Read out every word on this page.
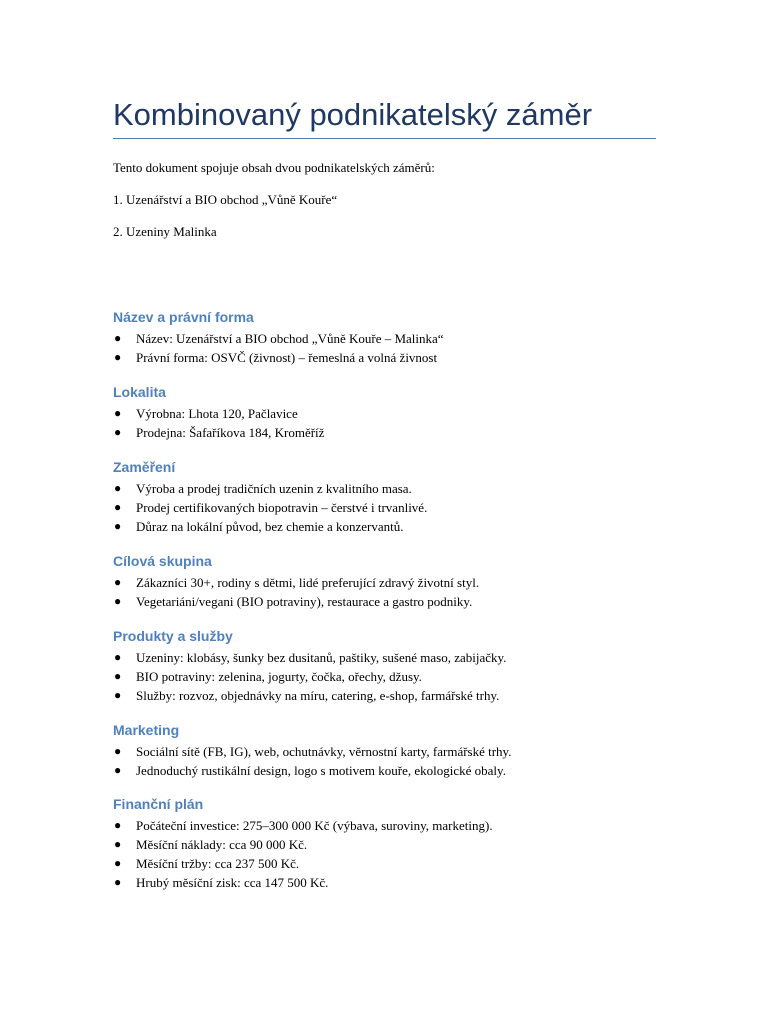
Kombinovaný podnikatelský záměr
Tento dokument spojuje obsah dvou podnikatelských záměrů:
1. Uzenářství a BIO obchod „Vůně Kouře“
2. Uzeniny Malinka
Název a právní forma
● Název: Uzenářství a BIO obchod „Vůně Kouře – Malinka“
● Právní forma: OSVČ (živnost) – řemeslná a volná živnost
Lokalita
● Výrobna: Lhota 120, Pačlavice
● Prodejna: Šafaříkova 184, Kroměříž
Zaměření
● Výroba a prodej tradičních uzenin z kvalitního masa.
● Prodej certifikovaných biopotravin – čerstvé i trvanlivé.
● Důraz na lokální původ, bez chemie a konzervantů.
Cílová skupina
● Zákazníci 30+, rodiny s dětmi, lidé preferující zdravý životní styl.
● Vegetariáni/vegani (BIO potraviny), restaurace a gastro podniky.
Produkty a služby
● Uzeniny: klobásy, šunky bez dusitanů, paštiky, sušené maso, zabijačky.
● BIO potraviny: zelenina, jogurty, čočka, ořechy, džusy.
● Služby: rozvoz, objednávky na míru, catering, e-shop, farmářské trhy.
Marketing
● Sociální sítě (FB, IG), web, ochutnávky, věrnostní karty, farmářské trhy.
● Jednoduchý rustikální design, logo s motivem kouře, ekologické obaly.
Finanční plán
● Počáteční investice: 275–300 000 Kč (výbava, suroviny, marketing).
● Měsíční náklady: cca 90 000 Kč.
● Měsíční tržby: cca 237 500 Kč.
● Hrubý měsíční zisk: cca 147 500 Kč.
